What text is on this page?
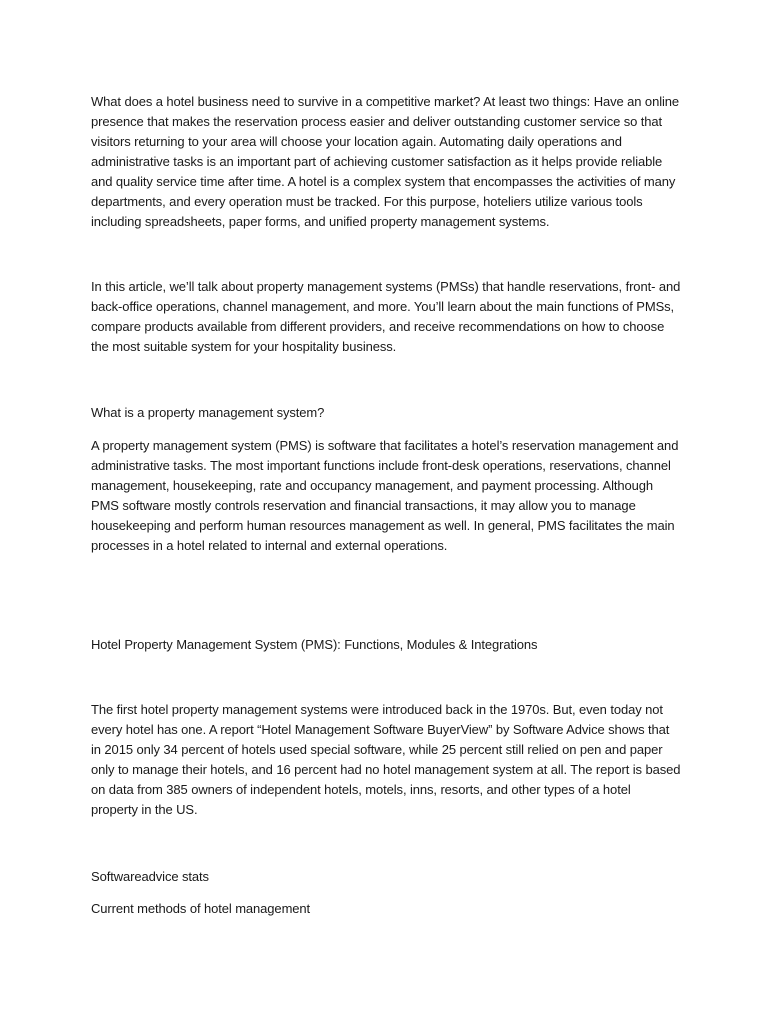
What does a hotel business need to survive in a competitive market? At least two things: Have an online presence that makes the reservation process easier and deliver outstanding customer service so that visitors returning to your area will choose your location again. Automating daily operations and administrative tasks is an important part of achieving customer satisfaction as it helps provide reliable and quality service time after time. A hotel is a complex system that encompasses the activities of many departments, and every operation must be tracked. For this purpose, hoteliers utilize various tools including spreadsheets, paper forms, and unified property management systems.

In this article, we’ll talk about property management systems (PMSs) that handle reservations, front- and back-office operations, channel management, and more. You’ll learn about the main functions of PMSs, compare products available from different providers, and receive recommendations on how to choose the most suitable system for your hospitality business.

What is a property management system?

A property management system (PMS) is software that facilitates a hotel’s reservation management and administrative tasks. The most important functions include front-desk operations, reservations, channel management, housekeeping, rate and occupancy management, and payment processing. Although PMS software mostly controls reservation and financial transactions, it may allow you to manage housekeeping and perform human resources management as well. In general, PMS facilitates the main processes in a hotel related to internal and external operations.

Hotel Property Management System (PMS): Functions, Modules & Integrations

The first hotel property management systems were introduced back in the 1970s. But, even today not every hotel has one. A report “Hotel Management Software BuyerView” by Software Advice shows that in 2015 only 34 percent of hotels used special software, while 25 percent still relied on pen and paper only to manage their hotels, and 16 percent had no hotel management system at all. The report is based on data from 385 owners of independent hotels, motels, inns, resorts, and other types of a hotel property in the US.

Softwareadvice stats

Current methods of hotel management
